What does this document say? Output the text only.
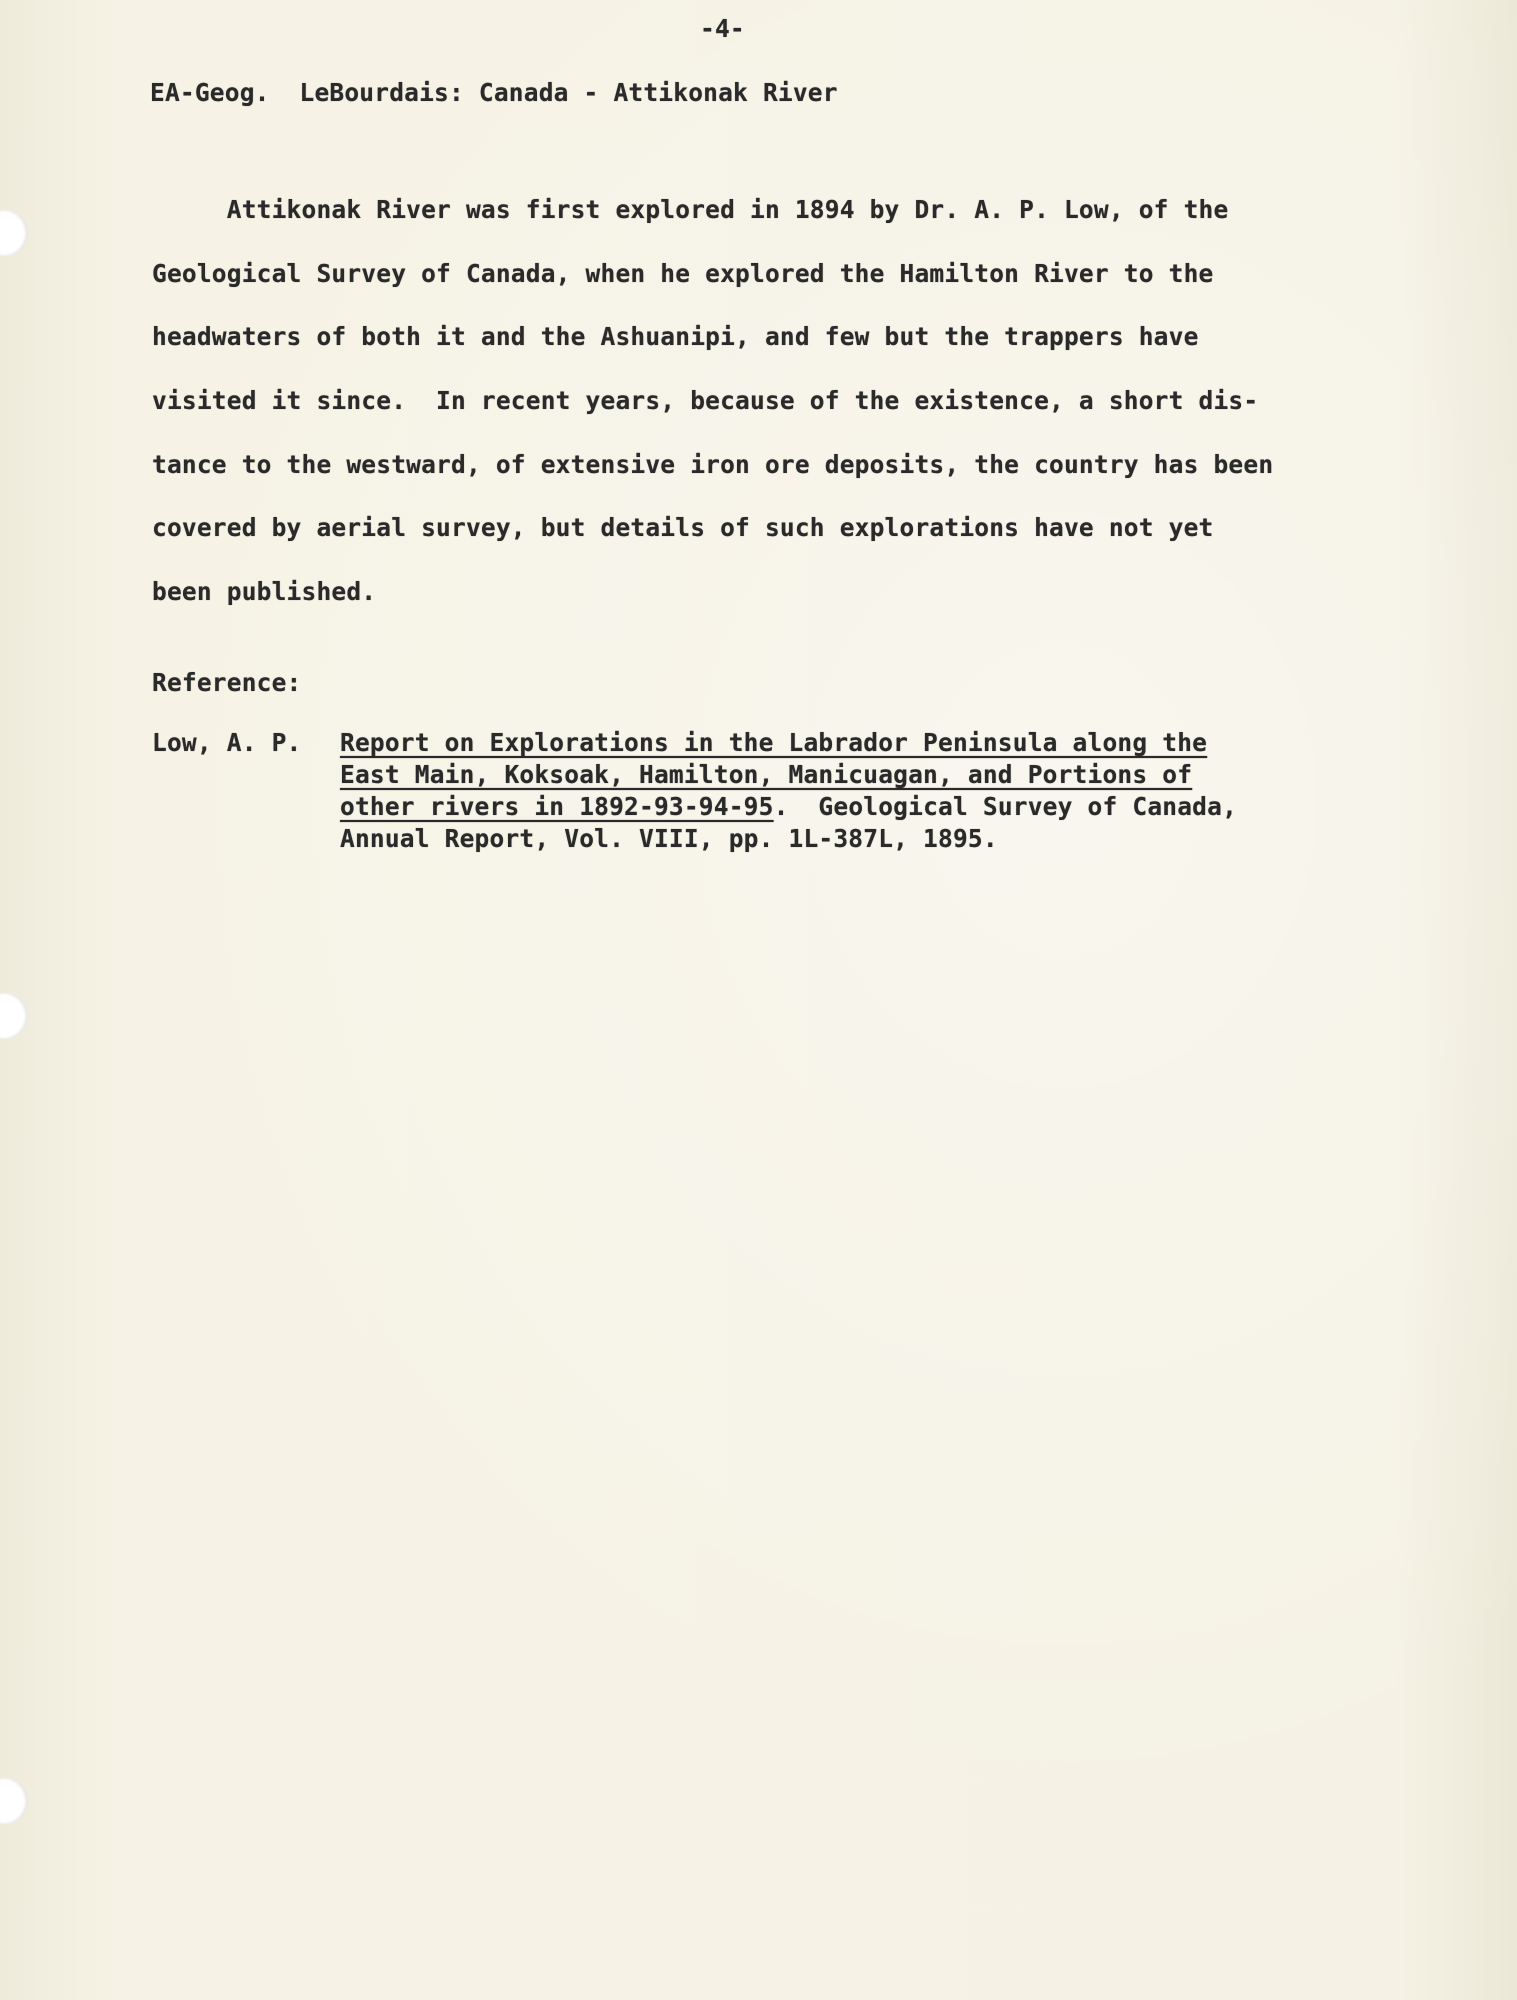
-4-
EA-Geog.  LeBourdais: Canada - Attikonak River
Attikonak River was first explored in 1894 by Dr. A. P. Low, of the
Geological Survey of Canada, when he explored the Hamilton River to the
headwaters of both it and the Ashuanipi, and few but the trappers have
visited it since.  In recent years, because of the existence, a short dis-
tance to the westward, of extensive iron ore deposits, the country has been
covered by aerial survey, but details of such explorations have not yet
been published.
Reference:
Low, A. P. Report on Explorations in the Labrador Peninsula along the
East Main, Koksoak, Hamilton, Manicuagan, and Portions of
other rivers in 1892-93-94-95.  Geological Survey of Canada,
Annual Report, Vol. VIII, pp. 1L-387L, 1895.
